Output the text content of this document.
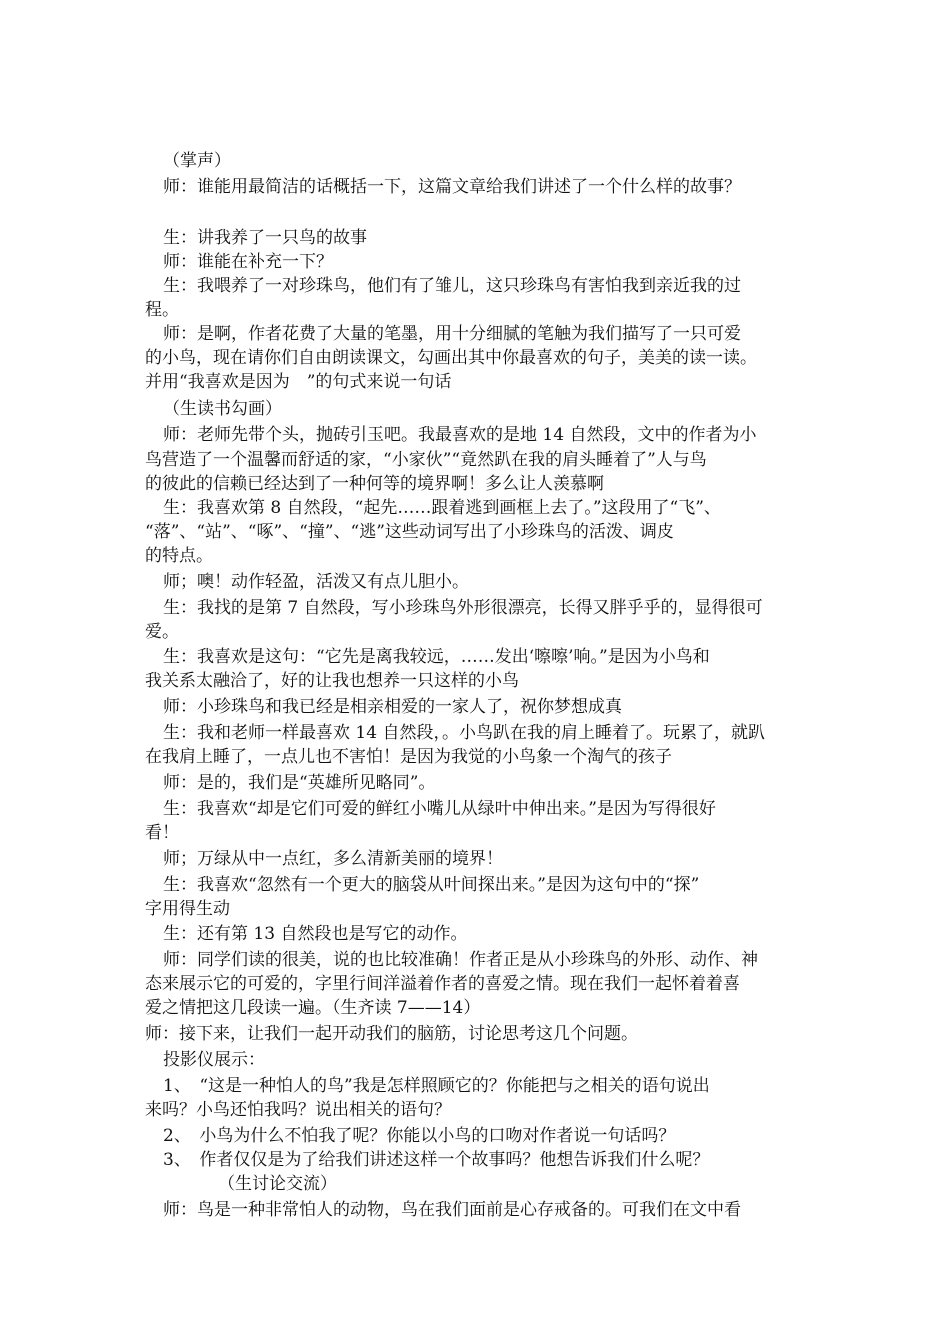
（掌声）
师：谁能用最简洁的话概括一下，这篇文章给我们讲述了一个什么样的故事？
生：讲我养了一只鸟的故事
师：谁能在补充一下？
生：我喂养了一对珍珠鸟，他们有了雏儿，这只珍珠鸟有害怕我到亲近我的过
程。
师：是啊，作者花费了大量的笔墨，用十分细腻的笔触为我们描写了一只可爱
的小鸟，现在请你们自由朗读课文，勾画出其中你最喜欢的句子，美美的读一读。
并用“我喜欢是因为　”的句式来说一句话
（生读书勾画）
师：老师先带个头，抛砖引玉吧。我最喜欢的是地 14 自然段，文中的作者为小
鸟营造了一个温馨而舒适的家，“小家伙”“竟然趴在我的肩头睡着了”人与鸟
的彼此的信赖已经达到了一种何等的境界啊！多么让人羡慕啊
生：我喜欢第 8 自然段，“起先……跟着逃到画框上去了。”这段用了“飞”、
“落”、“站”、“啄”、“撞”、“逃”这些动词写出了小珍珠鸟的活泼、调皮
的特点。
师；噢！动作轻盈，活泼又有点儿胆小。
生：我找的是第 7 自然段，写小珍珠鸟外形很漂亮，长得又胖乎乎的，显得很可
爱。
生：我喜欢是这句：“它先是离我较远，……发出‘嚓嚓’响。”是因为小鸟和
我关系太融洽了，好的让我也想养一只这样的小鸟
师：小珍珠鸟和我已经是相亲相爱的一家人了，祝你梦想成真
生：我和老师一样最喜欢 14 自然段，。小鸟趴在我的肩上睡着了。玩累了，就趴
在我肩上睡了，一点儿也不害怕！是因为我觉的小鸟象一个淘气的孩子
师：是的，我们是“英雄所见略同”。
生：我喜欢“却是它们可爱的鲜红小嘴儿从绿叶中伸出来。”是因为写得很好
看！
师；万绿从中一点红，多么清新美丽的境界！
生：我喜欢“忽然有一个更大的脑袋从叶间探出来。”是因为这句中的“探”
字用得生动
生：还有第 13 自然段也是写它的动作。
师：同学们读的很美，说的也比较准确！作者正是从小珍珠鸟的外形、动作、神
态来展示它的可爱的，字里行间洋溢着作者的喜爱之情。现在我们一起怀着着喜
爱之情把这几段读一遍。（生齐读 7——14）
师：接下来，让我们一起开动我们的脑筋，讨论思考这几个问题。
投影仪展示：
1、　“这是一种怕人的鸟”我是怎样照顾它的？你能把与之相关的语句说出
来吗？小鸟还怕我吗？说出相关的语句？
2、　小鸟为什么不怕我了呢？你能以小鸟的口吻对作者说一句话吗？
3、　作者仅仅是为了给我们讲述这样一个故事吗？他想告诉我们什么呢？
（生讨论交流）
师：鸟是一种非常怕人的动物，鸟在我们面前是心存戒备的。可我们在文中看
